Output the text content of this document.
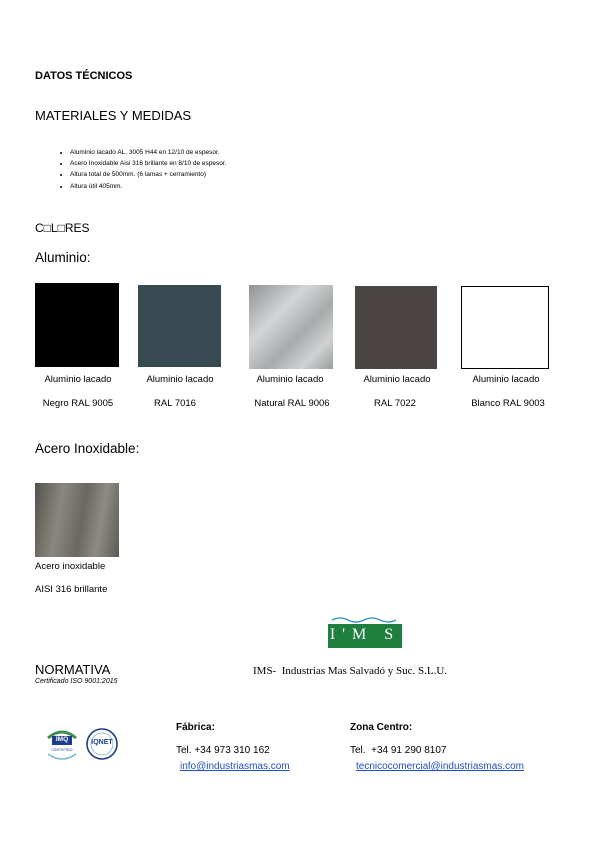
DATOS TÉCNICOS
MATERIALES Y MEDIDAS
• Aluminio lacado AL. 3005 H44 en 12/10 de espesor.
• Acero Inoxidable Aisi 316 brillante en 8/10 de espesor.
• Altura total de 500mm. (6 lamas + cerramiento)
• Altura útil 405mm.
C□L□RES
Aluminio:
Aluminio lacado
Negro RAL 9005
Aluminio lacado
RAL 7016
Aluminio lacado
Natural RAL 9006
Aluminio lacado
RAL 7022
Aluminio lacado
Blanco RAL 9003
Acero Inoxidable:
Acero inoxidable
AISI 316 brillante
I'M S
IMS-  Industrias Mas Salvadó y Suc. S.L.U.
NORMATIVA
Certificado ISO 9001:2015
IMQ
CERTIFIED
IQNET
Fábrica:
Tel. +34 973 310 162
info@industriasmas.com
Zona Centro:
Tel.  +34 91 290 8107
tecnicocomercial@industriasmas.com
